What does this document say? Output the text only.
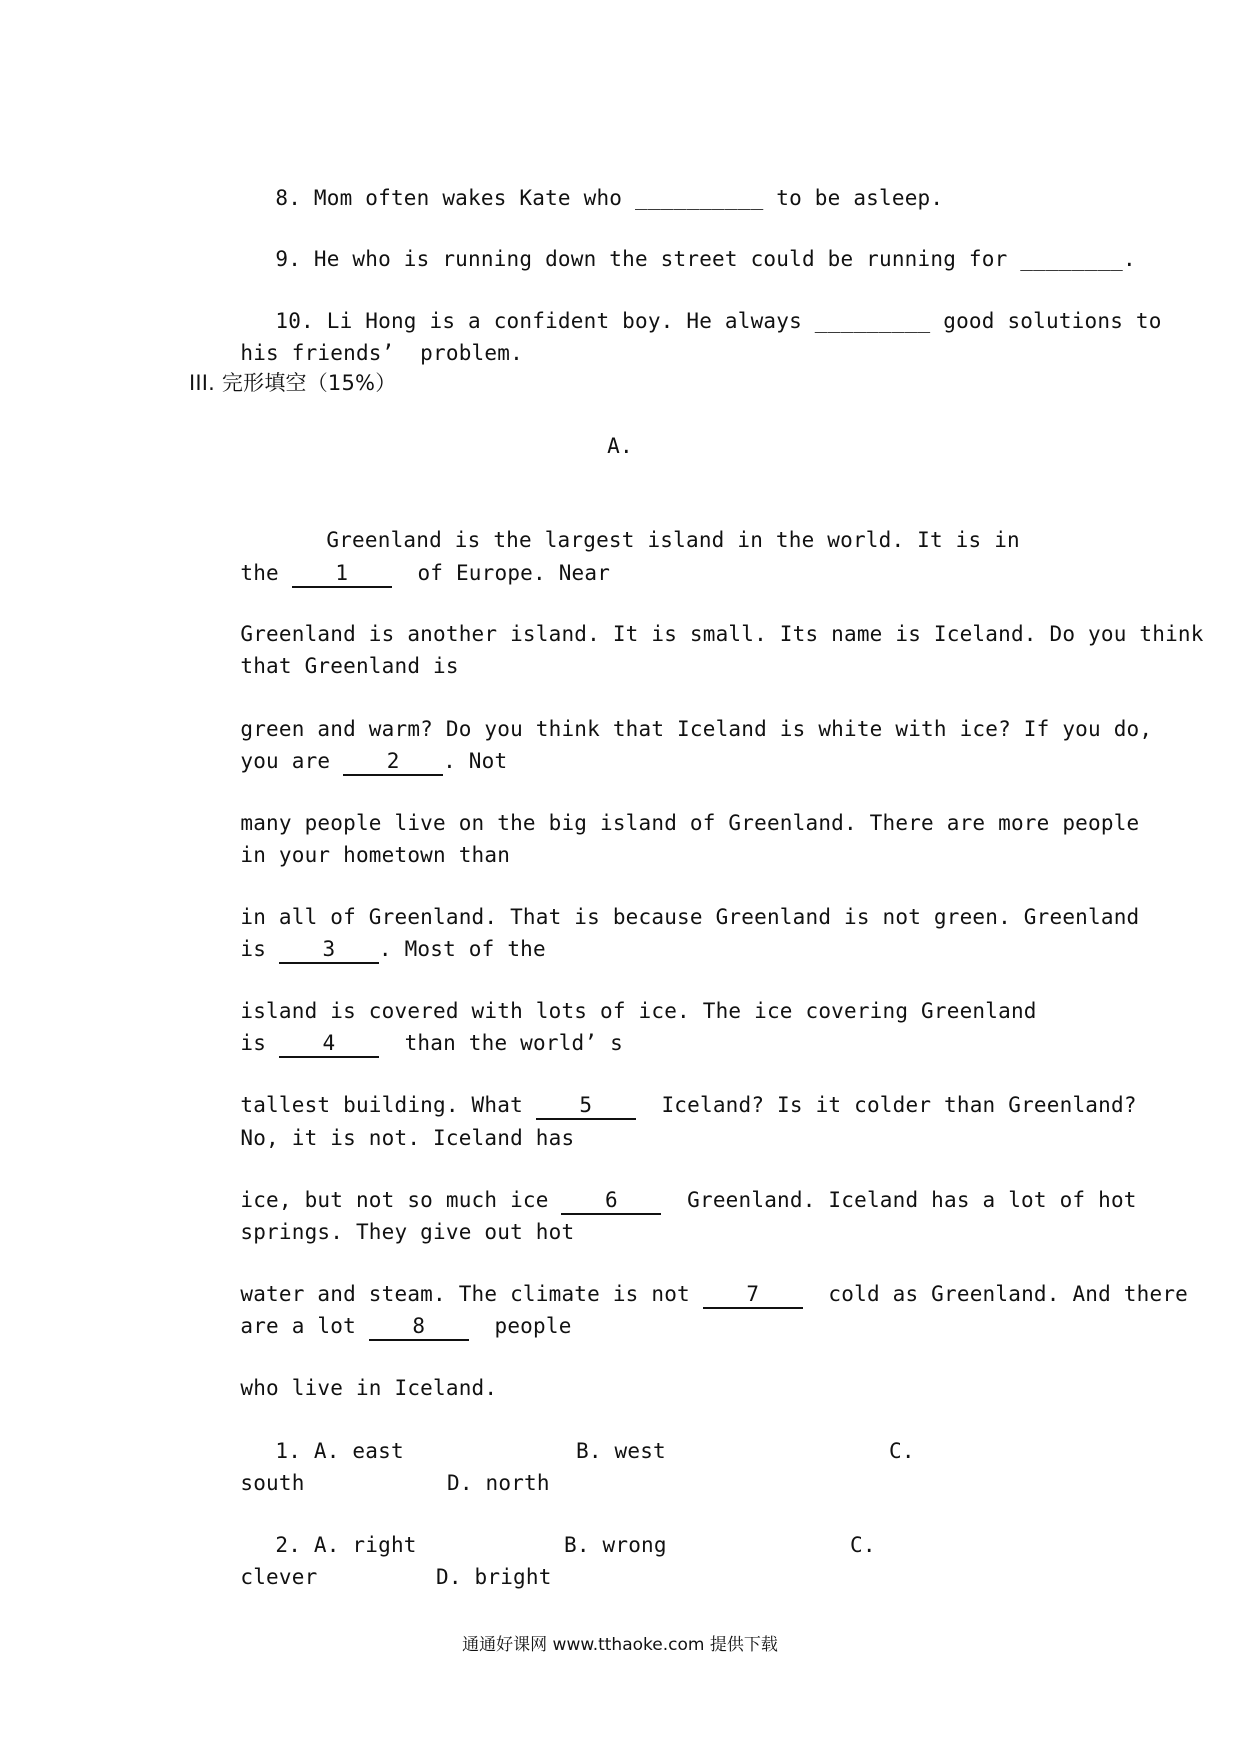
8. Mom often wakes Kate who __________ to be asleep.

9. He who is running down the street could be running for ________.

10. Li Hong is a confident boy. He always _________ good solutions to

his friends’  problem.

III. 完形填空（15%）
A.

Greenland is the largest island in the world. It is in

the	1	of Europe. Near

Greenland is another island. It is small. Its name is Iceland. Do you think

that Greenland is

green and warm? Do you think that Iceland is white with ice? If you do,

you are	2 . Not

many people live on the big island of Greenland. There are more people

in your hometown than

in all of Greenland. That is because Greenland is not green. Greenland

is	3 . Most of the

island is covered with lots of ice. The ice covering Greenland

is	4	than the world’ s

tallest building. What	5	Iceland? Is it colder than Greenland?

No, it is not. Iceland has

ice, but not so much ice	6	Greenland. Iceland has a lot of hot

springs. They give out hot

water and steam. The climate is not	7	cold as Greenland. And there

are a lot	8	people

who live in Iceland.

1. A. east	B. west	C.

south	D. north

2. A. right	B. wrong	C.

clever	D. bright

通通好课网 www.tthaoke.com 提供下载
